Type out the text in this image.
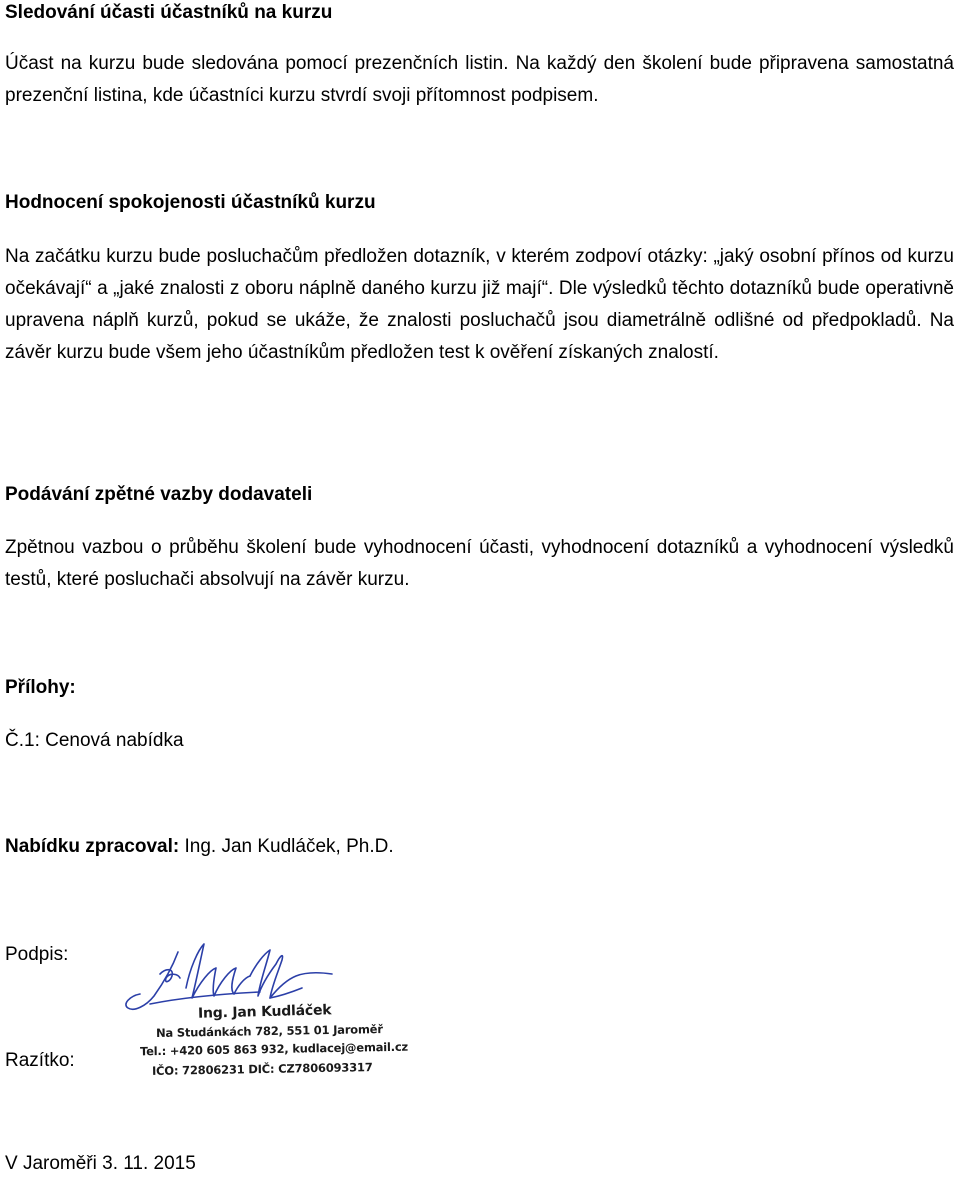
Sledování účasti účastníků na kurzu
Účast na kurzu bude sledována pomocí prezenčních listin. Na každý den školení bude připravena samostatná prezenční listina, kde účastníci kurzu stvrdí svoji přítomnost podpisem.
Hodnocení spokojenosti účastníků kurzu
Na začátku kurzu bude posluchačům předložen dotazník, v kterém zodpoví otázky: „jaký osobní přínos od kurzu očekávají“ a „jaké znalosti z oboru náplně daného kurzu již mají“. Dle výsledků těchto dotazníků bude operativně upravena náplň kurzů, pokud se ukáže, že znalosti posluchačů jsou diametrálně odlišné od předpokladů. Na závěr kurzu bude všem jeho účastníkům předložen test k ověření získaných znalostí.
Podávání zpětné vazby dodavateli
Zpětnou vazbou o průběhu školení bude vyhodnocení účasti, vyhodnocení dotazníků a vyhodnocení výsledků testů, které posluchači absolvují na závěr kurzu.
Přílohy:
Č.1: Cenová nabídka
Nabídku zpracoval: Ing. Jan Kudláček, Ph.D.
Podpis:
Razítko:
Ing. Jan Kudláček
Na Studánkách 782, 551 01 Jaroměř
Tel.: +420 605 863 932, kudlacej@email.cz
IČO: 72806231 DIČ: CZ7806093317
V Jaroměři 3. 11. 2015
